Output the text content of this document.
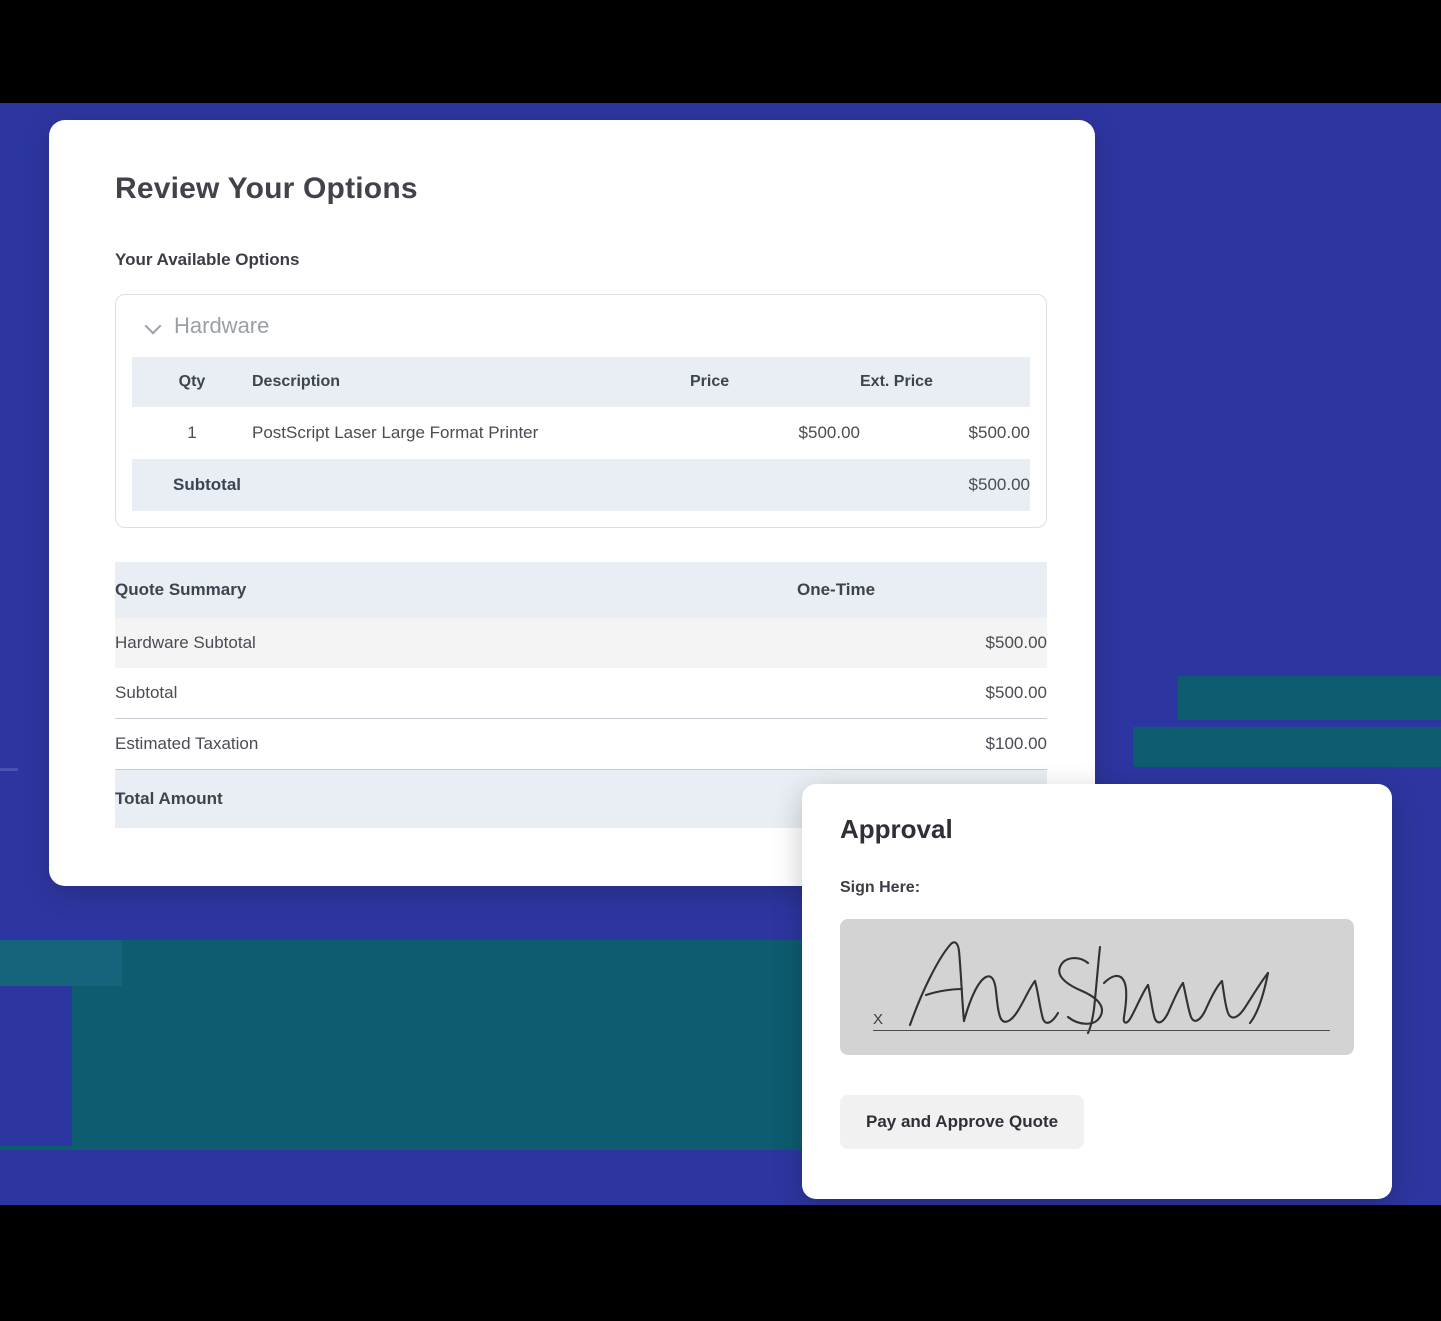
Review Your Options
Your Available Options
Hardware
Qty	Description	Price	Ext. Price
1	PostScript Laser Large Format Printer	$500.00	$500.00
Subtotal			$500.00
Quote Summary	One-Time
Hardware Subtotal	$500.00
Subtotal	$500.00
Estimated Taxation	$100.00
Total Amount	
Approval
Sign Here:
X
Pay and Approve Quote
